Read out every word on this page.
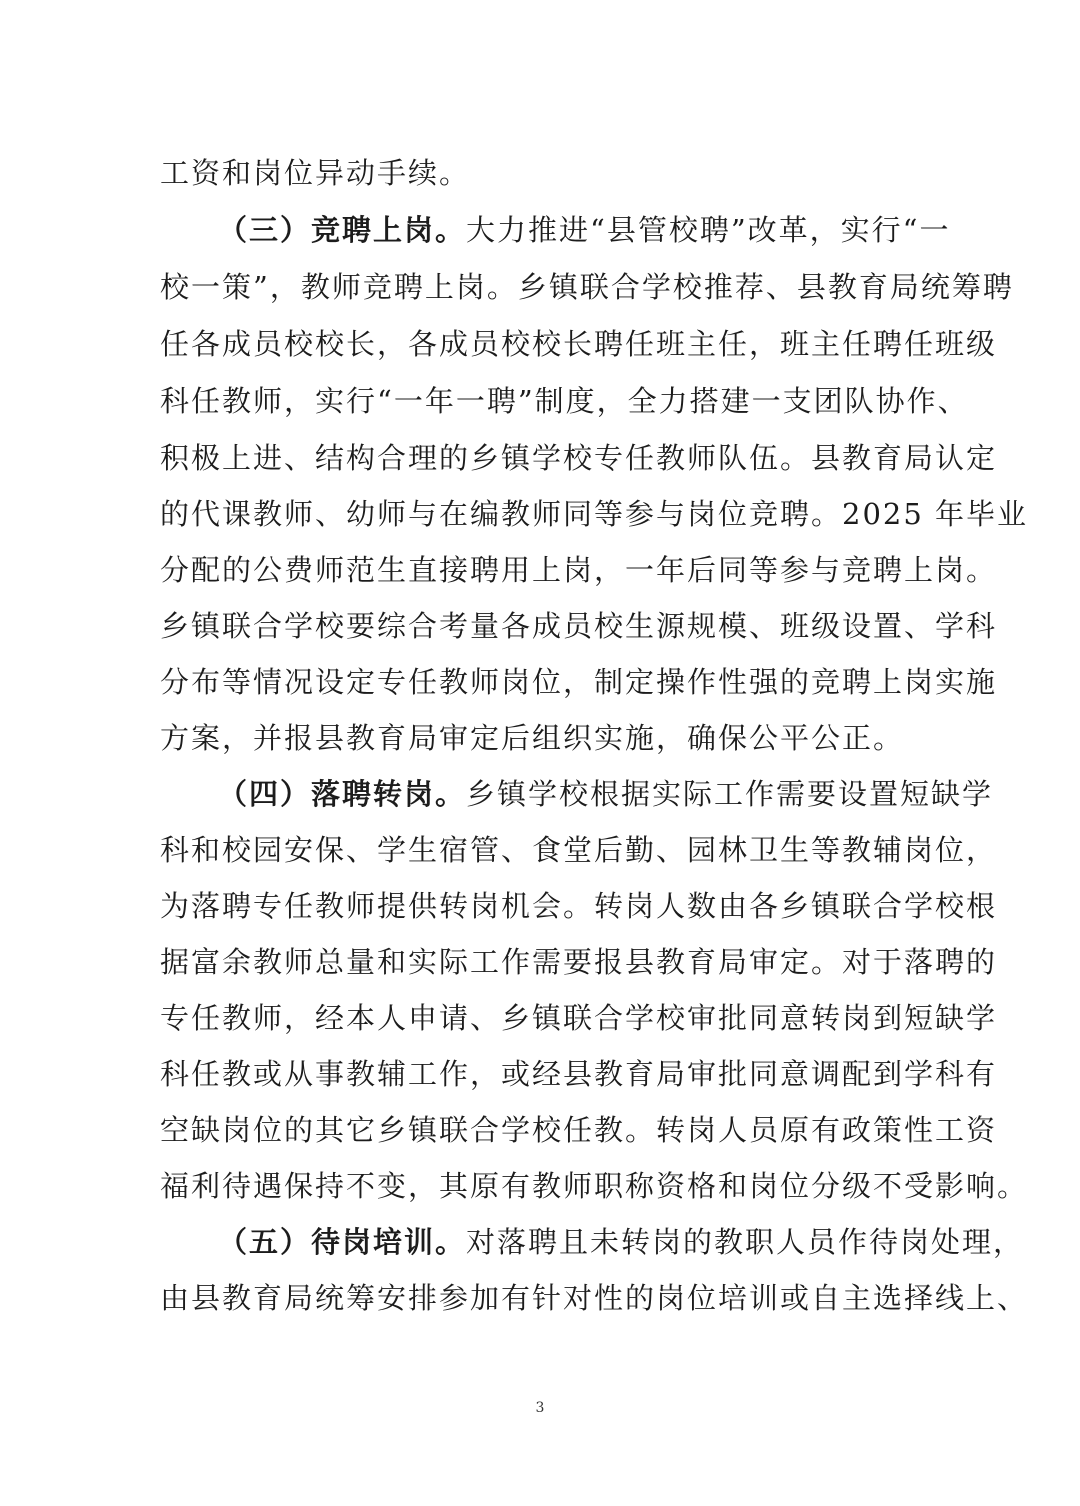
工资和岗位异动手续。
（三）竞聘上岗。大力推进“县管校聘”改革，实行“一
校一策”，教师竞聘上岗。乡镇联合学校推荐、县教育局统筹聘
任各成员校校长，各成员校校长聘任班主任，班主任聘任班级
科任教师，实行“一年一聘”制度，全力搭建一支团队协作、
积极上进、结构合理的乡镇学校专任教师队伍。县教育局认定
的代课教师、幼师与在编教师同等参与岗位竞聘。2025 年毕业
分配的公费师范生直接聘用上岗，一年后同等参与竞聘上岗。
乡镇联合学校要综合考量各成员校生源规模、班级设置、学科
分布等情况设定专任教师岗位，制定操作性强的竞聘上岗实施
方案，并报县教育局审定后组织实施，确保公平公正。
（四）落聘转岗。乡镇学校根据实际工作需要设置短缺学
科和校园安保、学生宿管、食堂后勤、园林卫生等教辅岗位，
为落聘专任教师提供转岗机会。转岗人数由各乡镇联合学校根
据富余教师总量和实际工作需要报县教育局审定。对于落聘的
专任教师，经本人申请、乡镇联合学校审批同意转岗到短缺学
科任教或从事教辅工作，或经县教育局审批同意调配到学科有
空缺岗位的其它乡镇联合学校任教。转岗人员原有政策性工资
福利待遇保持不变，其原有教师职称资格和岗位分级不受影响。
（五）待岗培训。对落聘且未转岗的教职人员作待岗处理，
由县教育局统筹安排参加有针对性的岗位培训或自主选择线上、
3
